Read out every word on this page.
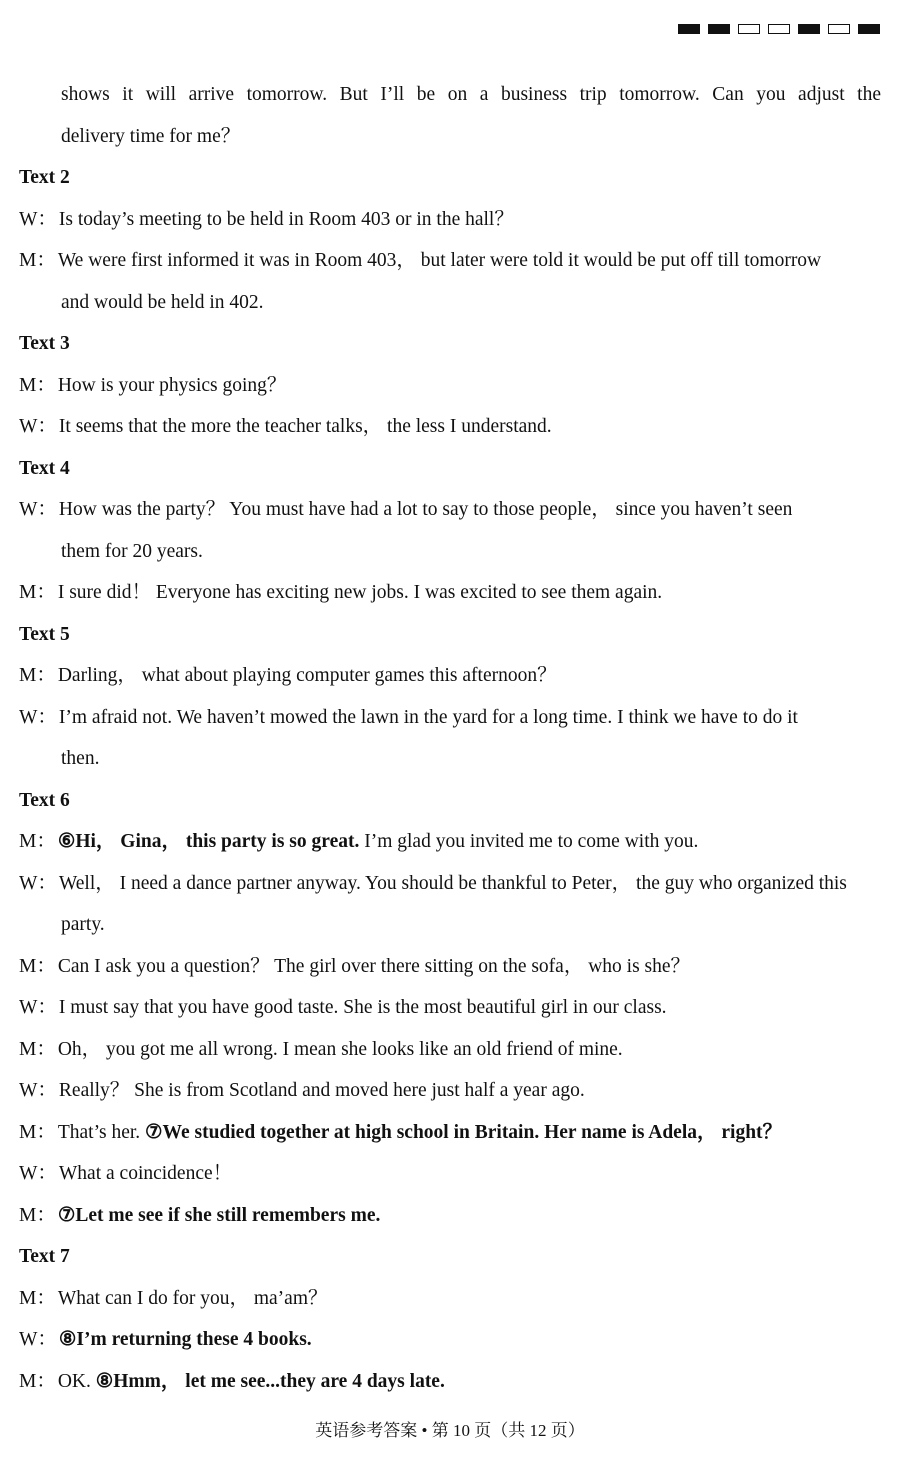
shows it will arrive tomorrow. But I’ll be on a business trip tomorrow. Can you adjust the
delivery time for me？
Text 2
W： Is today’s meeting to be held in Room 403 or in the hall？
M： We were first informed it was in Room 403， but later were told it would be put off till tomorrow
and would be held in 402.
Text 3
M： How is your physics going？
W： It seems that the more the teacher talks， the less I understand.
Text 4
W： How was the party？ You must have had a lot to say to those people， since you haven’t seen
them for 20 years.
M： I sure did！ Everyone has exciting new jobs. I was excited to see them again.
Text 5
M： Darling， what about playing computer games this afternoon？
W： I’m afraid not. We haven’t mowed the lawn in the yard for a long time. I think we have to do it
then.
Text 6
M： ⑥Hi， Gina， this party is so great. I’m glad you invited me to come with you.
W： Well， I need a dance partner anyway. You should be thankful to Peter， the guy who organized this
party.
M： Can I ask you a question？ The girl over there sitting on the sofa， who is she？
W： I must say that you have good taste. She is the most beautiful girl in our class.
M： Oh， you got me all wrong. I mean she looks like an old friend of mine.
W： Really？ She is from Scotland and moved here just half a year ago.
M： That’s her. ⑦We studied together at high school in Britain. Her name is Adela， right？
W： What a coincidence！
M： ⑦Let me see if she still remembers me.
Text 7
M： What can I do for you， ma’am？
W： ⑧I’m returning these 4 books.
M： OK. ⑧Hmm， let me see...they are 4 days late.
英语参考答案 • 第 10 页（共 12 页）
